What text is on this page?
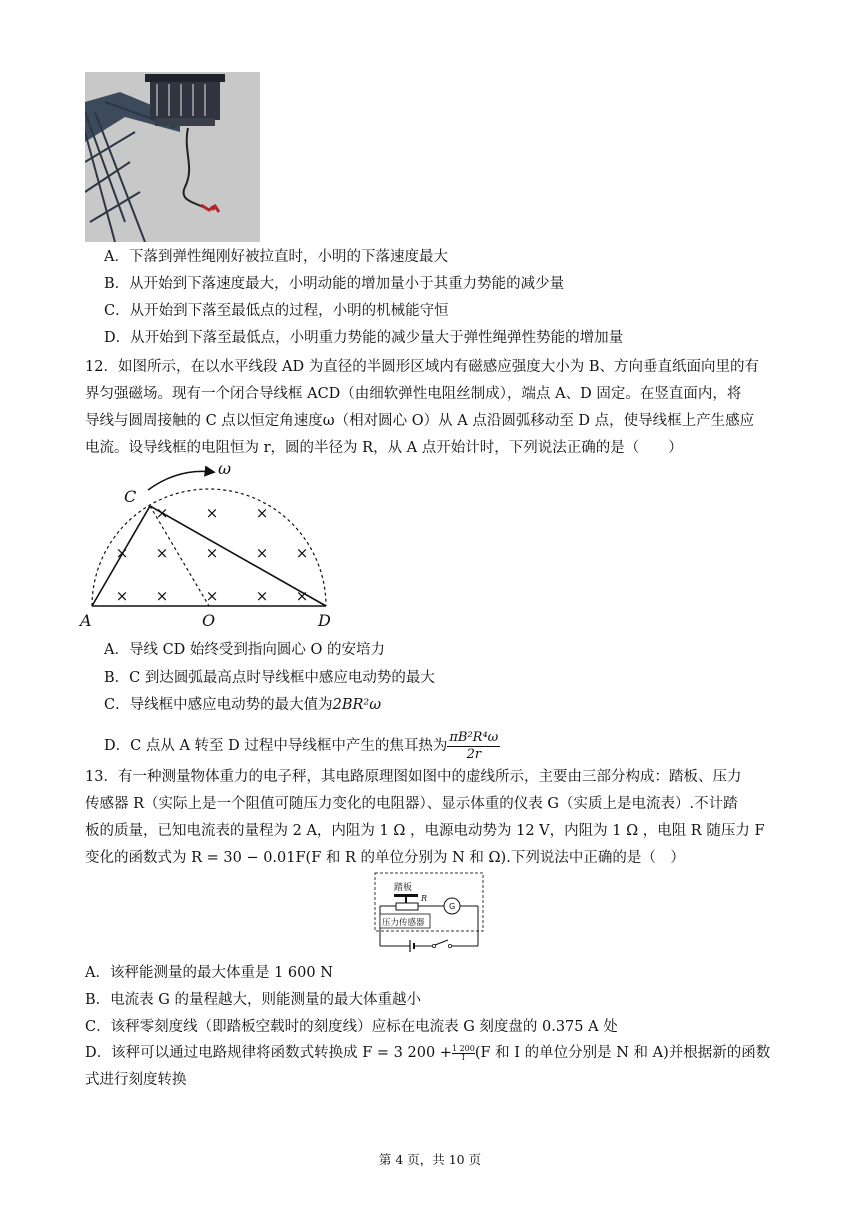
A．下落到弹性绳刚好被拉直时，小明的下落速度最大
B．从开始到下落速度最大，小明动能的增加量小于其重力势能的减少量
C．从开始到下落至最低点的过程，小明的机械能守恒
D．从开始到下落至最低点，小明重力势能的减少量大于弹性绳弹性势能的增加量
12．如图所示，在以水平线段 AD 为直径的半圆形区域内有磁感应强度大小为 B、方向垂直纸面向里的有
界匀强磁场。现有一个闭合导线框 ACD（由细软弹性电阻丝制成），端点 A、D 固定。在竖直面内，将
导线与圆周接触的 C 点以恒定角速度ω（相对圆心 O）从 A 点沿圆弧移动至 D 点，使导线框上产生感应
电流。设导线框的电阻恒为 r，圆的半径为 R，从 A 点开始计时，下列说法正确的是（　　）
× × ×
× × × × ×
× × × × ×
A
C
O	D
ω
A．导线 CD 始终受到指向圆心 O 的安培力
B．C 到达圆弧最高点时导线框中感应电动势的最大
C．导线框中感应电动势的最大值为2BR²ω
D．C 点从 A 转至 D 过程中导线框中产生的焦耳热为 $\frac{\text{πB²R⁴ω}}{2r}$
13．有一种测量物体重力的电子秤，其电路原理图如图中的虚线所示，主要由三部分构成：踏板、压力
传感器 R（实际上是一个阻值可随压力变化的电阻器）、显示体重的仪表 G（实质上是电流表）.不计踏
板的质量，已知电流表的量程为 2 A，内阻为 1 Ω ，电源电动势为 12 V，内阻为 1 Ω ，电阻 R 随压力 F
变化的函数式为 R = 30 − 0.01F(F 和 R 的单位分别为 N 和 Ω).下列说法中正确的是（　）
踏板
R
G
压力传感器
A．该秤能测量的最大体重是 1 600 N
B．电流表 G 的量程越大，则能测量的最大体重越小
C．该秤零刻度线（即踏板空载时的刻度线）应标在电流表 G 刻度盘的 0.375 A 处
D．该秤可以通过电路规律将函数式转换成 F = 3 $200 + \frac{1 200}{I}(F$ 和 I 的单位分别是 N 和 A)并根据新的函数
式进行刻度转换
第 4 页，共 10 页
